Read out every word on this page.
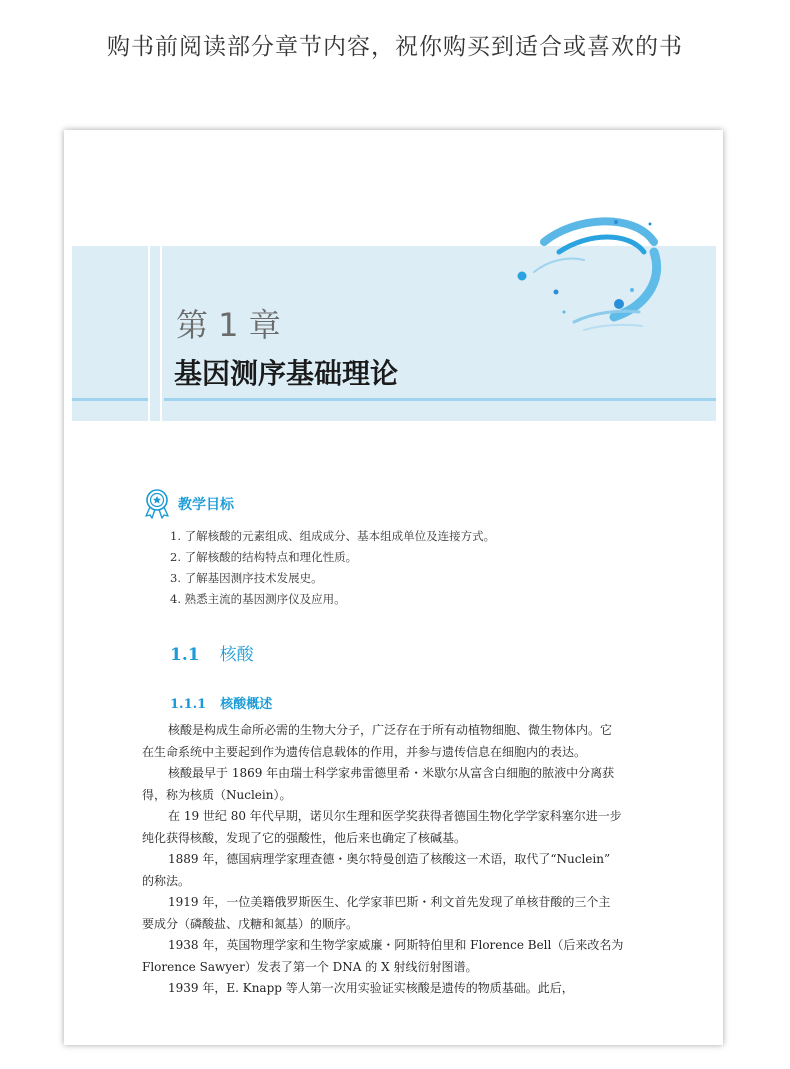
购书前阅读部分章节内容，祝你购买到适合或喜欢的书
第 1 章
基因测序基础理论
教学目标
1. 了解核酸的元素组成、组成成分、基本组成单位及连接方式。
2. 了解核酸的结构特点和理化性质。
3. 了解基因测序技术发展史。
4. 熟悉主流的基因测序仪及应用。
1.1 核酸
1.1.1 核酸概述
核酸是构成生命所必需的生物大分子，广泛存在于所有动植物细胞、微生物体内。它
在生命系统中主要起到作为遗传信息载体的作用，并参与遗传信息在细胞内的表达。
核酸最早于 1869 年由瑞士科学家弗雷德里希・米歇尔从富含白细胞的脓液中分离获
得，称为核质（Nuclein）。
在 19 世纪 80 年代早期，诺贝尔生理和医学奖获得者德国生物化学学家科塞尔进一步
纯化获得核酸，发现了它的强酸性，他后来也确定了核碱基。
1889 年，德国病理学家理查德・奥尔特曼创造了核酸这一术语，取代了“Nuclein”
的称法。
1919 年，一位美籍俄罗斯医生、化学家菲巴斯・利文首先发现了单核苷酸的三个主
要成分（磷酸盐、戊糖和氮基）的顺序。
1938 年，英国物理学家和生物学家威廉・阿斯特伯里和 Florence Bell（后来改名为
Florence Sawyer）发表了第一个 DNA 的 X 射线衍射图谱。
1939 年，E. Knapp 等人第一次用实验证实核酸是遗传的物质基础。此后，
